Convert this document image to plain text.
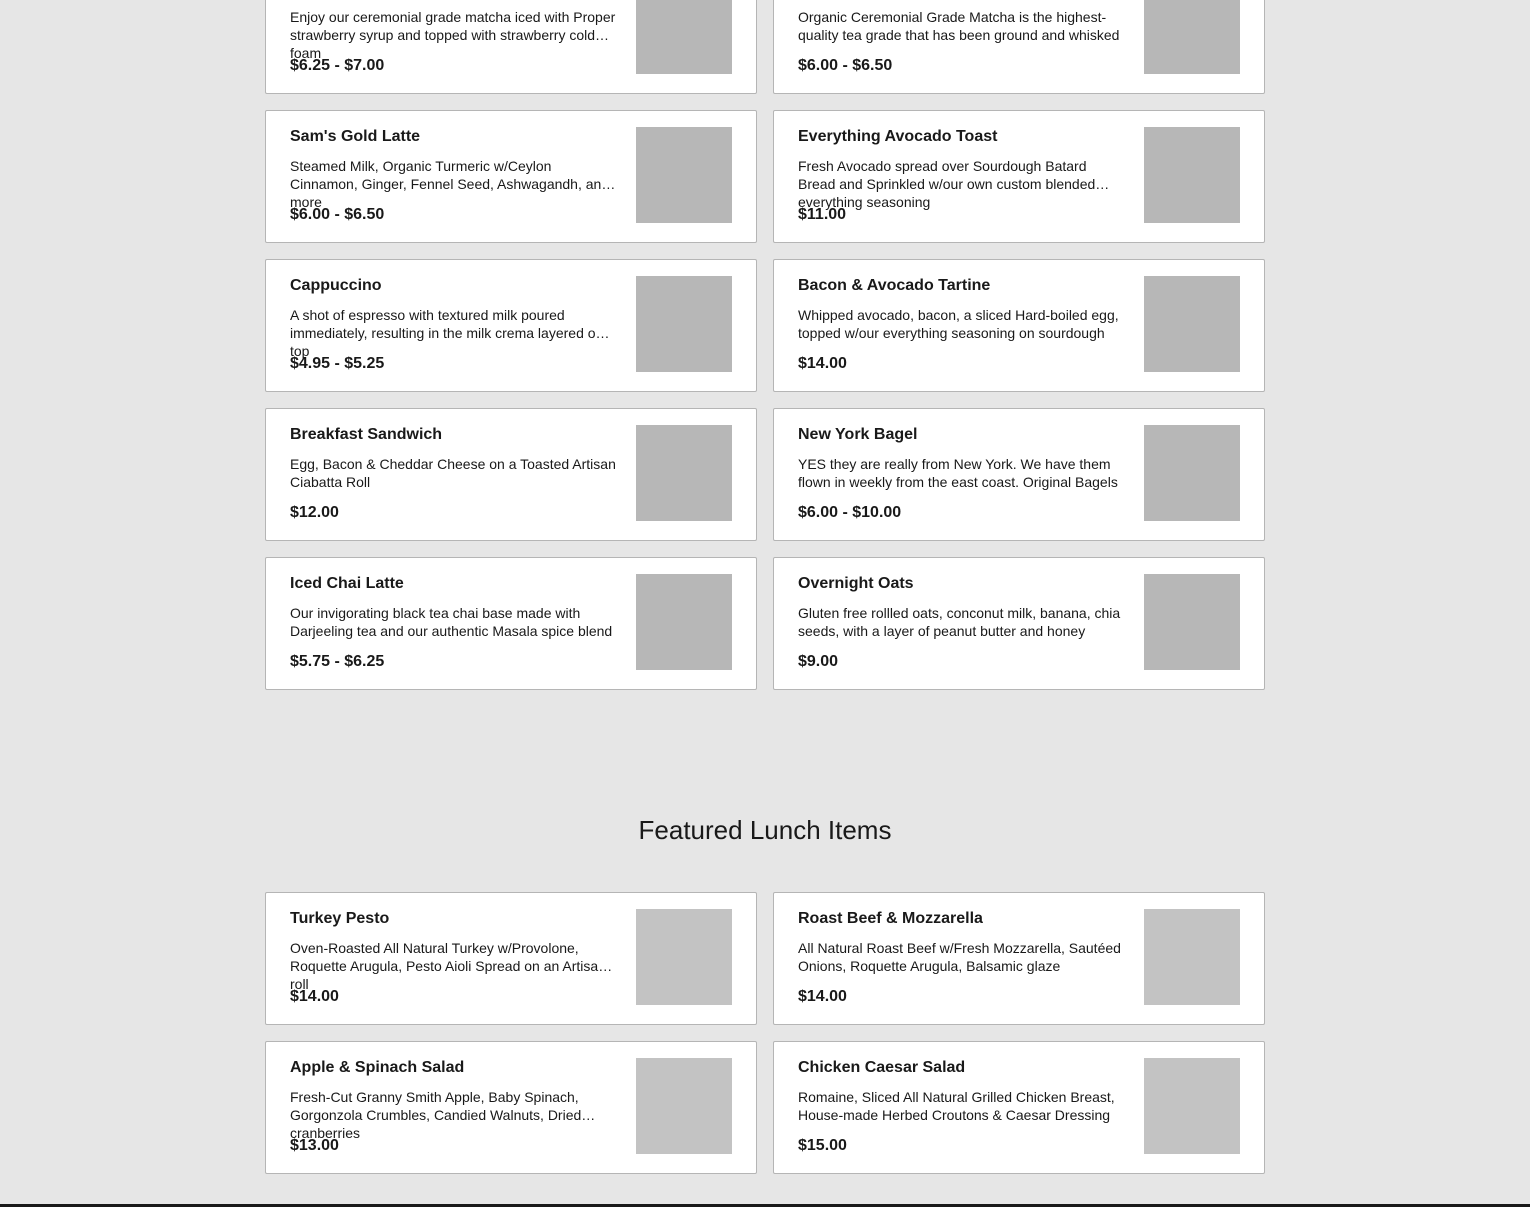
Enjoy our ceremonial grade matcha iced with Proper strawberry syrup and topped with strawberry cold foam
$6.25 - $7.00
Organic Ceremonial Grade Matcha is the highest-quality tea grade that has been ground and whisked
$6.00 - $6.50
Sam's Gold Latte
Steamed Milk, Organic Turmeric w/Ceylon Cinnamon, Ginger, Fennel Seed, Ashwagandh, and more
$6.00 - $6.50
Everything Avocado Toast
Fresh Avocado spread over Sourdough Batard Bread and Sprinkled w/our own custom blended everything seasoning
$11.00
Cappuccino
A shot of espresso with textured milk poured immediately, resulting in the milk crema layered on top
$4.95 - $5.25
Bacon & Avocado Tartine
Whipped avocado, bacon, a sliced Hard-boiled egg, topped w/our everything seasoning on sourdough
$14.00
Breakfast Sandwich
Egg, Bacon & Cheddar Cheese on a Toasted Artisan Ciabatta Roll
$12.00
New York Bagel
YES they are really from New York. We have them flown in weekly from the east coast. Original Bagels
$6.00 - $10.00
Iced Chai Latte
Our invigorating black tea chai base made with Darjeeling tea and our authentic Masala spice blend
$5.75 - $6.25
Overnight Oats
Gluten free rollled oats, conconut milk, banana, chia seeds, with a layer of peanut butter and honey
$9.00
Featured Lunch Items
Turkey Pesto
Oven-Roasted All Natural Turkey w/Provolone, Roquette Arugula, Pesto Aioli Spread on an Artisan roll
$14.00
Roast Beef & Mozzarella
All Natural Roast Beef w/Fresh Mozzarella, Sautéed Onions, Roquette Arugula, Balsamic glaze
$14.00
Apple & Spinach Salad
Fresh-Cut Granny Smith Apple, Baby Spinach, Gorgonzola Crumbles, Candied Walnuts, Dried cranberries
$13.00
Chicken Caesar Salad
Romaine, Sliced All Natural Grilled Chicken Breast, House-made Herbed Croutons & Caesar Dressing
$15.00
